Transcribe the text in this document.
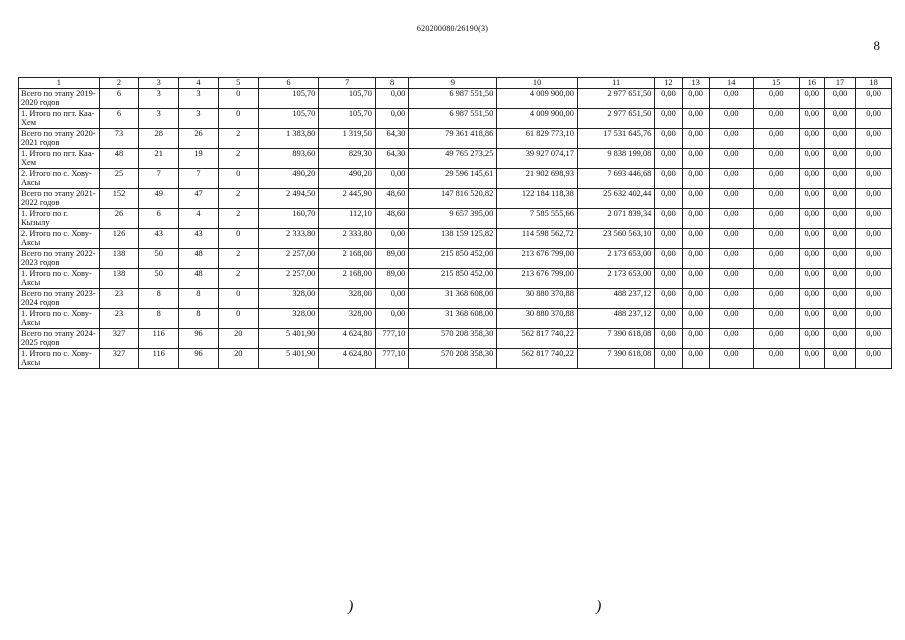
620200080/26190(3)
8
1	2	3	4	5	6	7	8	9	10	11	12	13	14	15	16	17	18
Всего по этапу 2019-2020 годов	6	3	3	0	105,70	105,70	0,00	6 987 551,50	4 009 900,00	2 977 651,50	0,00	0,00	0,00	0,00	0,00	0,00	0,00
1. Итого по пгт. Каа-Хем	6	3	3	0	105,70	105,70	0,00	6 987 551,50	4 009 900,00	2 977 651,50	0,00	0,00	0,00	0,00	0,00	0,00	0,00
Всего по этапу 2020-2021 годов	73	28	26	2	1 383,80	1 319,50	64,30	79 361 418,86	61 829 773,10	17 531 645,76	0,00	0,00	0,00	0,00	0,00	0,00	0,00
1. Итого по пгт. Каа-Хем	48	21	19	2	893,60	829,30	64,30	49 765 273,25	39 927 074,17	9 838 199,08	0,00	0,00	0,00	0,00	0,00	0,00	0,00
2. Итого по с. Хову-Аксы	25	7	7	0	490,20	490,20	0,00	29 596 145,61	21 902 698,93	7 693 446,68	0,00	0,00	0,00	0,00	0,00	0,00	0,00
Всего по этапу 2021-2022 годов	152	49	47	2	2 494,50	2 445,90	48,60	147 816 520,82	122 184 118,38	25 632 402,44	0,00	0,00	0,00	0,00	0,00	0,00	0,00
1. Итого по г. Кызылу	26	6	4	2	160,70	112,10	48,60	9 657 395,00	7 585 555,66	2 071 839,34	0,00	0,00	0,00	0,00	0,00	0,00	0,00
2. Итого по с. Хову-Аксы	126	43	43	0	2 333,80	2 333,80	0,00	138 159 125,82	114 598 562,72	23 560 563,10	0,00	0,00	0,00	0,00	0,00	0,00	0,00
Всего по этапу 2022-2023 годов	138	50	48	2	2 257,00	2 168,00	89,00	215 850 452,00	213 676 799,00	2 173 653,00	0,00	0,00	0,00	0,00	0,00	0,00	0,00
1. Итого по с. Хову-Аксы	138	50	48	2	2 257,00	2 168,00	89,00	215 850 452,00	213 676 799,00	2 173 653,00	0,00	0,00	0,00	0,00	0,00	0,00	0,00
Всего по этапу 2023-2024 годов	23	8	8	0	328,00	328,00	0,00	31 368 608,00	30 880 370,88	488 237,12	0,00	0,00	0,00	0,00	0,00	0,00	0,00
1. Итого по с. Хову-Аксы	23	8	8	0	328,00	328,00	0,00	31 368 608,00	30 880 370,88	488 237,12	0,00	0,00	0,00	0,00	0,00	0,00	0,00
Всего по этапу 2024-2025 годов	327	116	96	20	5 401,90	4 624,80	777,10	570 208 358,30	562 817 740,22	7 390 618,08	0,00	0,00	0,00	0,00	0,00	0,00	0,00
1. Итого по с. Хову-Аксы	327	116	96	20	5 401,90	4 624,80	777,10	570 208 358,30	562 817 740,22	7 390 618,08	0,00	0,00	0,00	0,00	0,00	0,00	0,00
)	)
